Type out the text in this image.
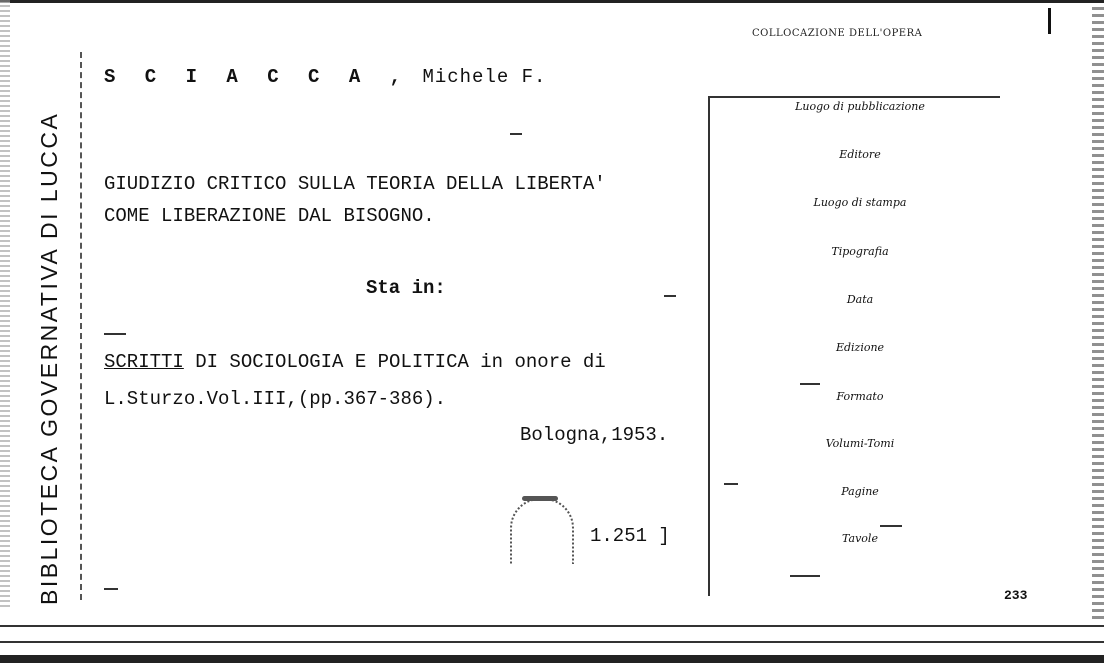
BIBLIOTECA GOVERNATIVA DI LUCCA
S C I A C C A , Michele F.
GIUDIZIO CRITICO SULLA TEORIA DELLA LIBERTA'
COME LIBERAZIONE DAL BISOGNO.
Sta in:
SCRITTI DI SOCIOLOGIA E POLITICA in onore di
L.Sturzo.Vol.III,(pp.367-386).
Bologna,1953.
1.251 ]
COLLOCAZIONE DELL'OPERA
Luogo di pubblicazione
Editore
Luogo di stampa
Tipografia
Data
Edizione
Formato
Volumi-Tomi
Pagine
Tavole
233
